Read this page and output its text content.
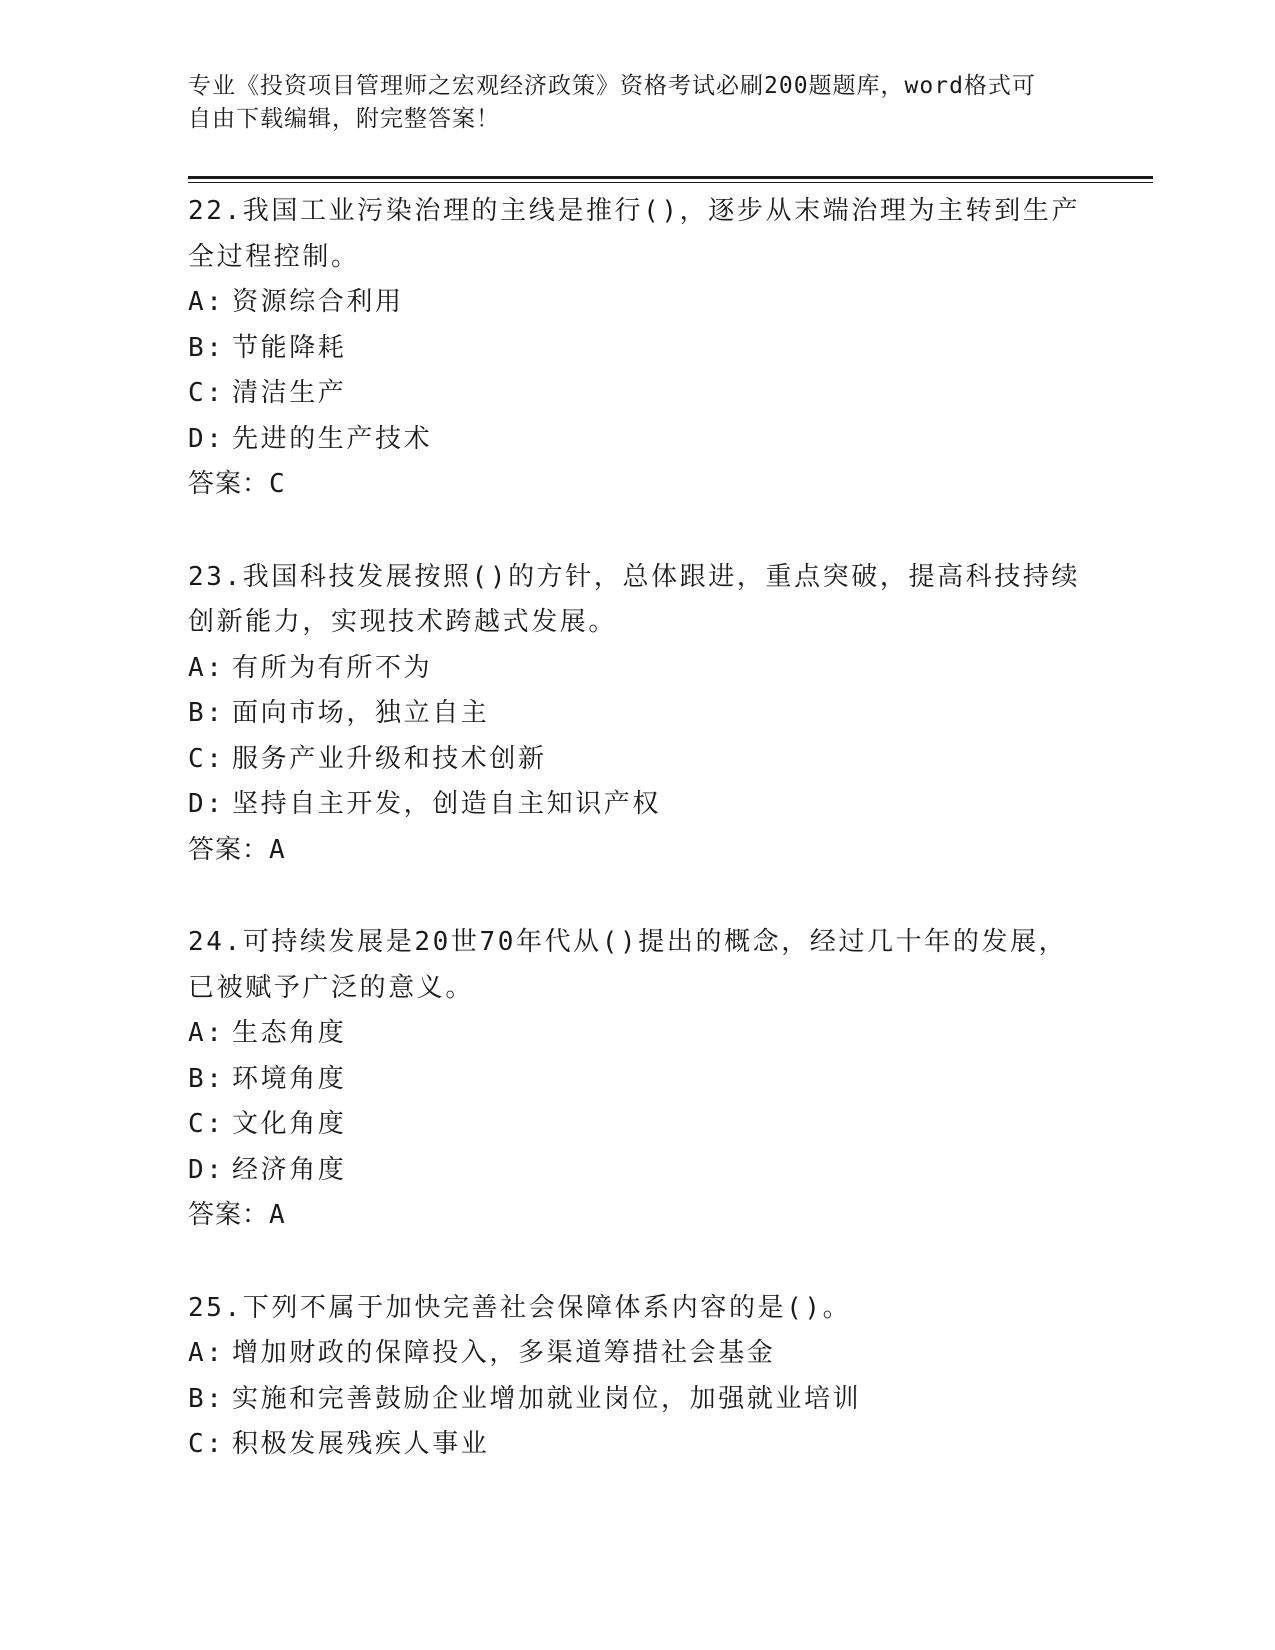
专业《投资项目管理师之宏观经济政策》资格考试必刷200题题库，word格式可

自由下载编辑，附完整答案！

22.我国工业污染治理的主线是推行()，逐步从末端治理为主转到生产

全过程控制。

A: 资源综合利用
B: 节能降耗
C: 清洁生产
D: 先进的生产技术

答案：C

23.我国科技发展按照()的方针，总体跟进，重点突破，提高科技持续

创新能力，实现技术跨越式发展。

A: 有所为有所不为
B: 面向市场，独立自主
C: 服务产业升级和技术创新
D: 坚持自主开发，创造自主知识产权

答案：A

24.可持续发展是20世70年代从()提出的概念，经过几十年的发展，

已被赋予广泛的意义。

A: 生态角度
B: 环境角度
C: 文化角度
D: 经济角度

答案：A

25.下列不属于加快完善社会保障体系内容的是()。

A: 增加财政的保障投入，多渠道筹措社会基金
B: 实施和完善鼓励企业增加就业岗位，加强就业培训
C: 积极发展残疾人事业
